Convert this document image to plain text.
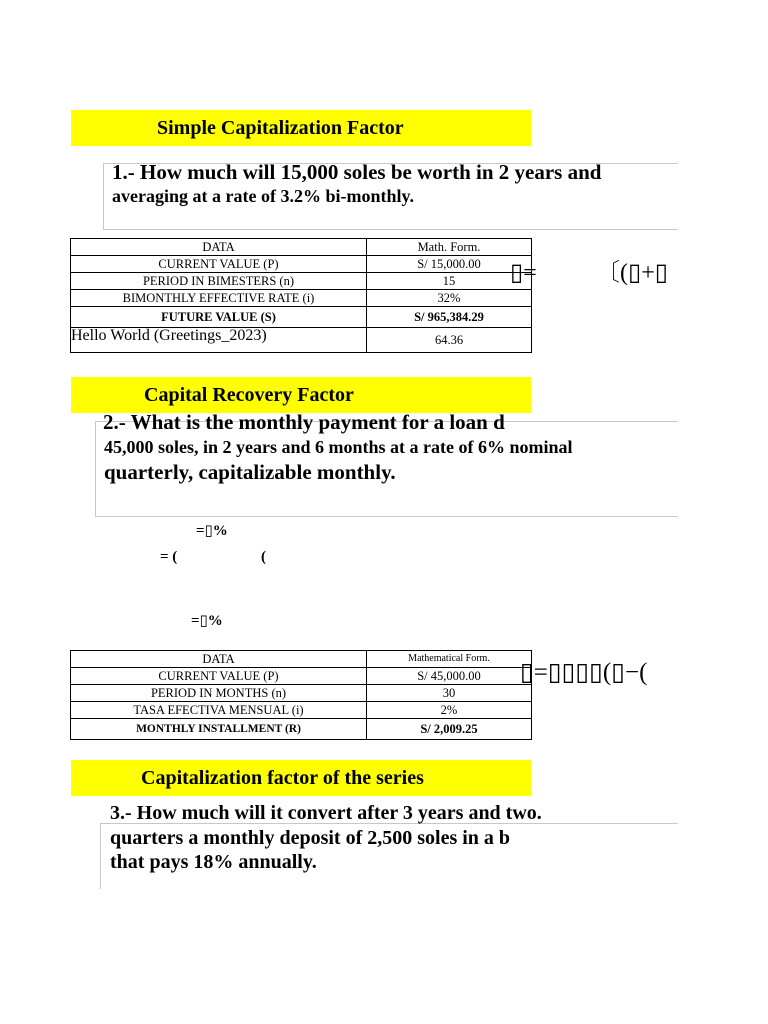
Simple Capitalization Factor
1.- How much will 15,000 soles be worth in 2 years and
averaging at a rate of 3.2% bi-monthly.
DATA	Math. Form.
CURRENT VALUE (P)	S/ 15,000.00
PERIOD IN BIMESTERS (n)	15
BIMONTHLY EFFECTIVE RATE (i)	32%
FUTURE VALUE (S)	S/ 965,384.29
Hello World (Greetings_2023)	64.36
▯= 〔(▯+▯
Capital Recovery Factor
2.- What is the monthly payment for a loan d
45,000 soles, in 2 years and 6 months at a rate of 6% nominal
quarterly, capitalizable monthly.
=▯%
= (	(
=▯%
DATA	Mathematical Form.
CURRENT VALUE (P)	S/ 45,000.00
PERIOD IN MONTHS (n)	30
TASA EFECTIVA MENSUAL (i)	2%
MONTHLY INSTALLMENT (R)	S/ 2,009.25
▯=▯▯▯▯(▯−(
Capitalization factor of the series
3.- How much will it convert after 3 years and two.
quarters a monthly deposit of 2,500 soles in a b
that pays 18% annually.
